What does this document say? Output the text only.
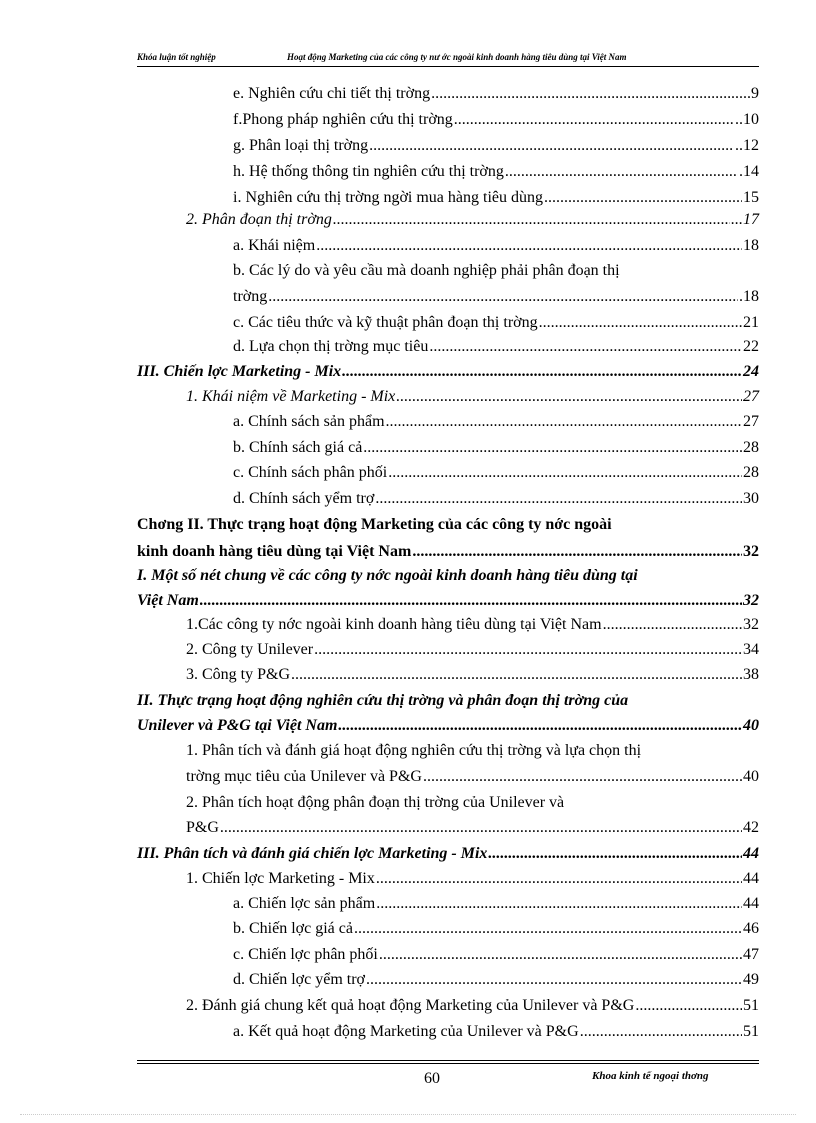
Khóa luận tốt nghiệp	Hoạt động Marketing của các công ty nư ớc ngoài kinh doanh hàng tiêu dùng tại Việt Nam
e. Nghiên cứu chi tiết thị trờng .....	.....9
f.Phong pháp nghiên cứu thị trờng .....	..10
g. Phân loại thị trờng .....	..12
h. Hệ thống thông tin nghiên cứu thị trờng .....	.14
i. Nghiên cứu thị trờng ngời mua hàng tiêu dùng .....	15
2. Phân đoạn thị trờng .....	...17
a. Khái niệm .....	18
b. Các lý do và yêu cầu mà doanh nghiệp phải phân đoạn thị
trờng .....	.18
c. Các tiêu thức và kỹ thuật phân đoạn thị trờng .....	21
d. Lựa chọn thị trờng mục tiêu .....	22
III. Chiến lợc Marketing - Mix .....	24
1. Khái niệm về Marketing - Mix .....	27
a. Chính sách sản phẩm .....	27
b. Chính sách giá cả .....	.28
c. Chính sách phân phối .....	28
d. Chính sách yểm trợ .....	30
Chơng II. Thực trạng hoạt động Marketing của các công ty nớc ngoài
kinh doanh hàng tiêu dùng tại Việt Nam .....	32
I. Một số nét chung về các công ty nớc ngoài kinh doanh hàng tiêu dùng tại
Việt Nam .....	32
1.Các công ty nớc ngoài kinh doanh hàng tiêu dùng tại Việt Nam .....	32
2. Công ty Unilever .....	34
3. Công ty P&G .....	38
II. Thực trạng hoạt động nghiên cứu thị trờng và phân đoạn thị trờng của
Unilever và P&G tại Việt Nam .....	40
1. Phân tích và đánh giá hoạt động nghiên cứu thị trờng và lựa chọn thị
trờng mục tiêu của Unilever và P&G .....	40
2. Phân tích hoạt động phân đoạn thị trờng của Unilever và
P&G .....	42
III. Phân tích và đánh giá chiến lợc Marketing - Mix .....	44
1. Chiến lợc Marketing - Mix .....	44
a. Chiến lợc sản phẩm .....	44
b. Chiến lợc giá cả .....	46
c. Chiến lợc phân phối .....	47
d. Chiến lợc yểm trợ .....	49
2. Đánh giá chung kết quả hoạt động Marketing của Unilever và P&G .....	51
a. Kết quả hoạt động Marketing của Unilever và P&G .....	51
60	Khoa kinh tế ngoại thơng
